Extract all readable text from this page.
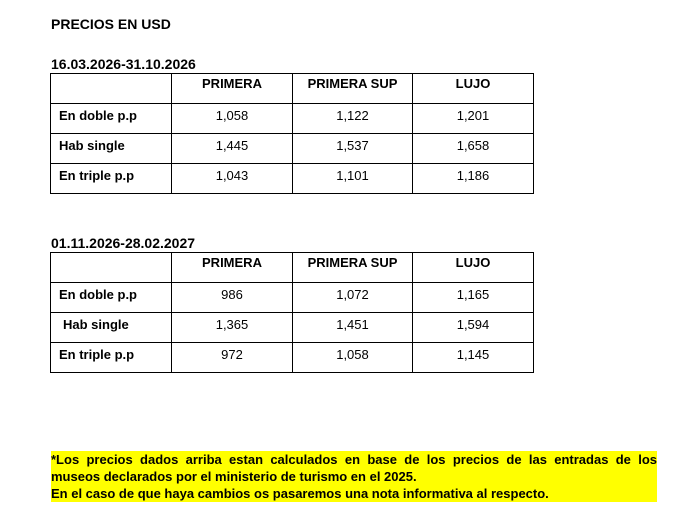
PRECIOS EN USD
16.03.2026-31.10.2026
	PRIMERA	PRIMERA SUP	LUJO
En doble p.p	1,058	1,122	1,201
Hab single	1,445	1,537	1,658
En triple p.p	1,043	1,101	1,186
01.11.2026-28.02.2027
	PRIMERA	PRIMERA SUP	LUJO
En doble p.p	986	1,072	1,165
Hab single	1,365	1,451	1,594
En triple p.p	972	1,058	1,145
*Los precios dados arriba estan calculados en base de los precios de las entradas de los
museos declarados por el ministerio de turismo en el 2025.
En el caso de que haya cambios os pasaremos una nota informativa al respecto.
